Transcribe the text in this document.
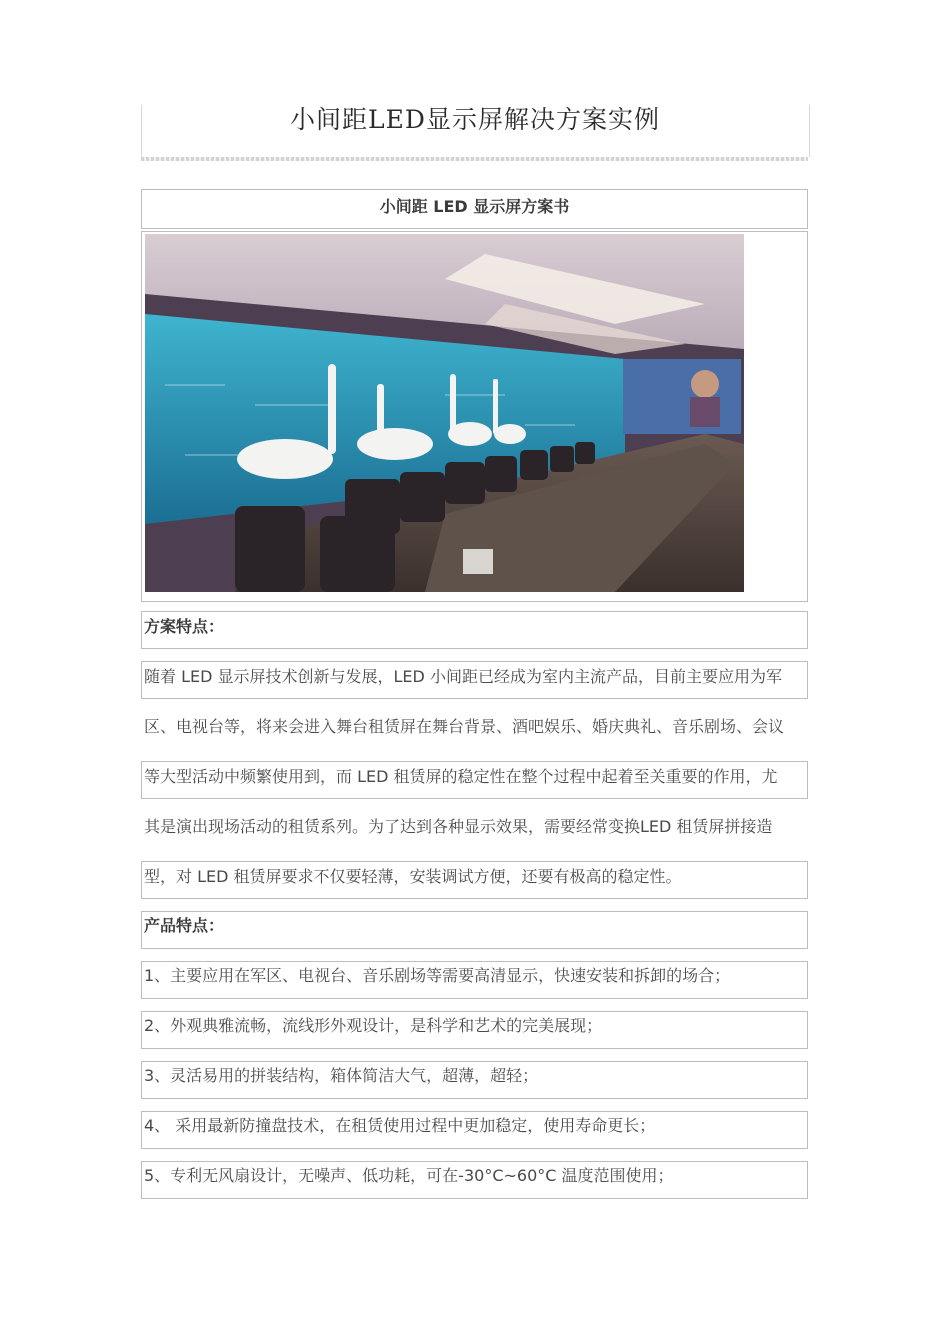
小间距LED显示屏解决方案实例
小间距 LED 显示屏方案书
方案特点：
随着 LED 显示屏技术创新与发展，LED 小间距已经成为室内主流产品，目前主要应用为军
区、电视台等，将来会进入舞台租赁屏在舞台背景、酒吧娱乐、婚庆典礼、音乐剧场、会议
等大型活动中频繁使用到，而 LED 租赁屏的稳定性在整个过程中起着至关重要的作用，尤
其是演出现场活动的租赁系列。为了达到各种显示效果，需要经常变换LED 租赁屏拼接造
型，对 LED 租赁屏要求不仅要轻薄，安装调试方便，还要有极高的稳定性。
产品特点：
1、主要应用在军区、电视台、音乐剧场等需要高清显示，快速安装和拆卸的场合；
2、外观典雅流畅，流线形外观设计，是科学和艺术的完美展现；
3、灵活易用的拼装结构，箱体简洁大气，超薄，超轻；
4、 采用最新防撞盘技术，在租赁使用过程中更加稳定，使用寿命更长；
5、专利无风扇设计，无噪声、低功耗，可在-30°C~60°C 温度范围使用；
